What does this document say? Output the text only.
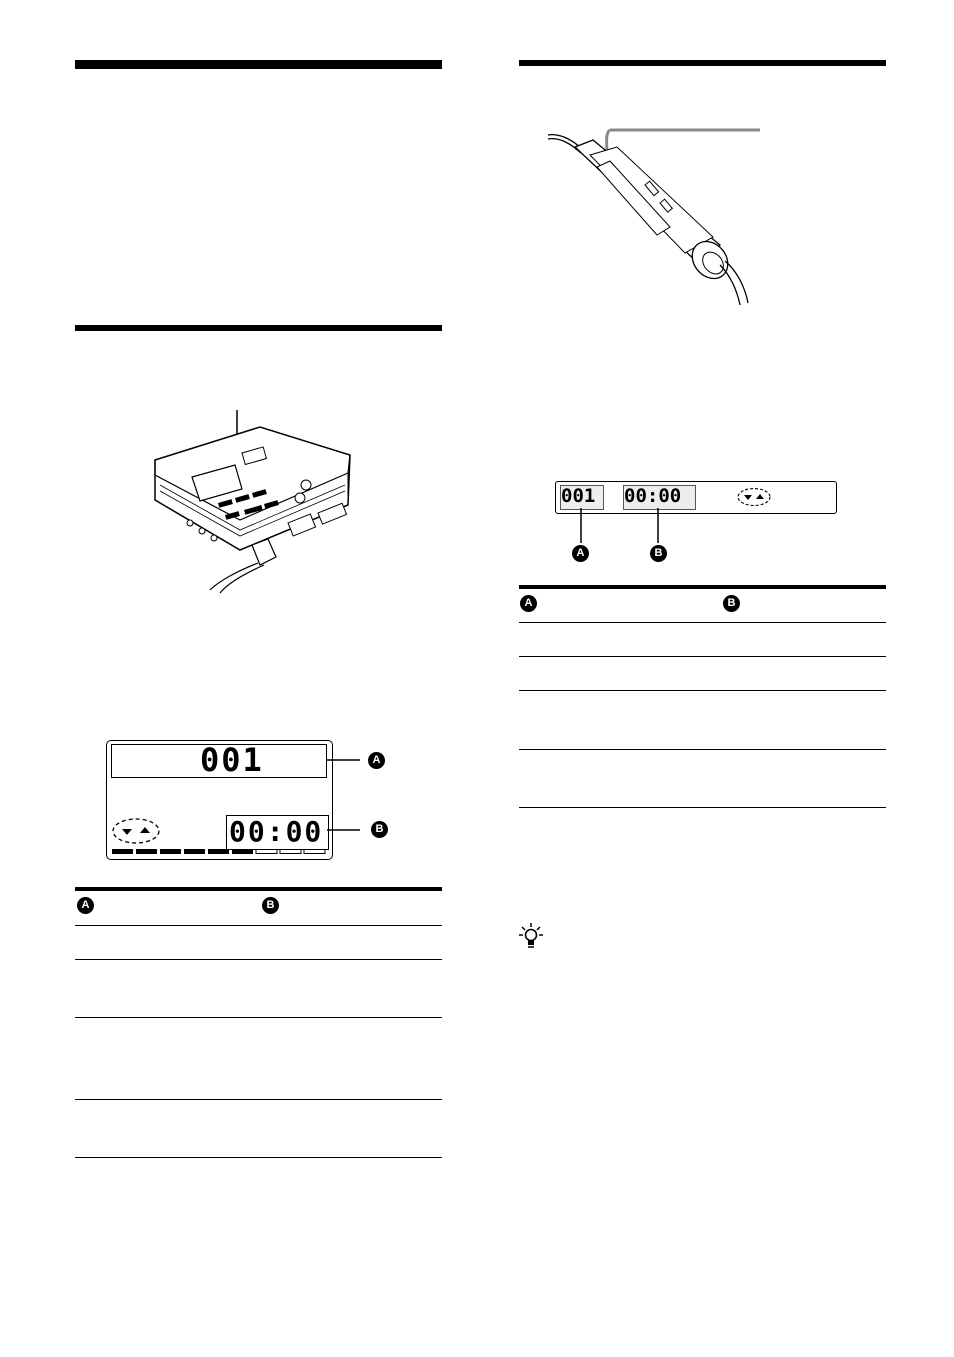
001
00:00
A
B
A	B
001 00:00
A	B
A	B
